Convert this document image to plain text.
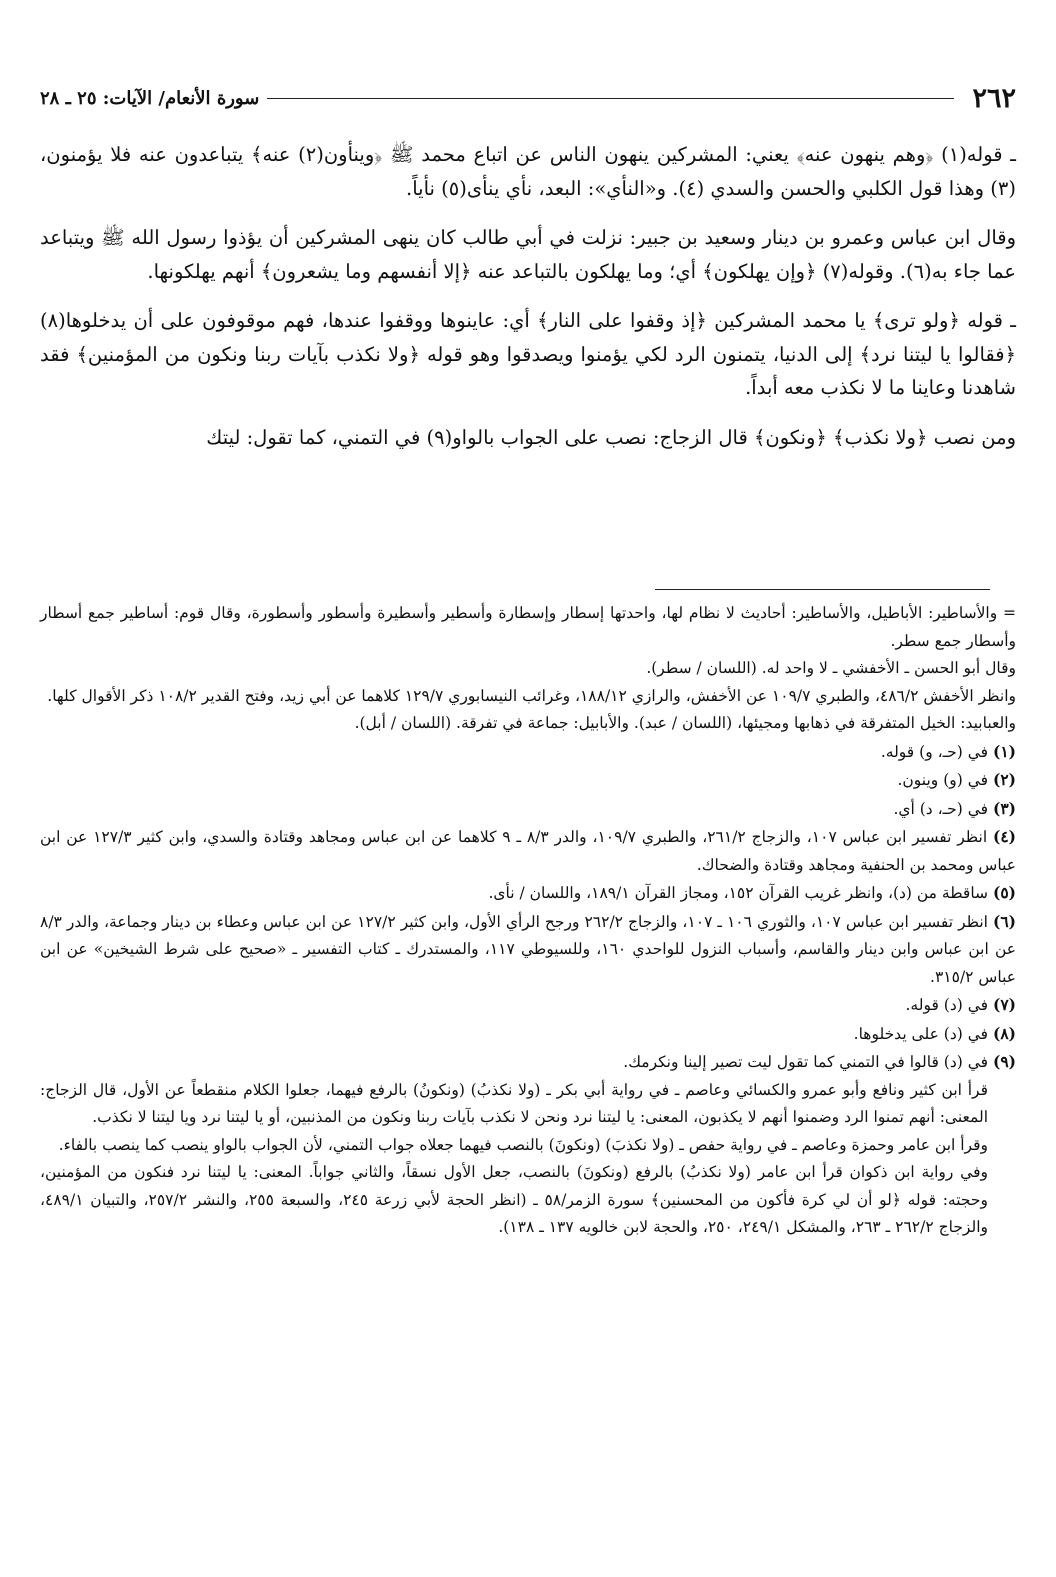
٢٦٢
سورة الأنعام/ الآيات: ٢٥ ـ ٢٨

ـ قوله(١) ﴿وهم ينهون عنه﴾ يعني: المشركين ينهون الناس عن اتباع محمد ﷺ ﴿وينأون(٢) عنه﴾ يتباعدون عنه فلا يؤمنون، (٣) وهذا قول الكلبي والحسن والسدي (٤). و«النأي»: البعد، نأي ينأى(٥) نأياً.

وقال ابن عباس وعمرو بن دينار وسعيد بن جبير: نزلت في أبي طالب كان ينهى المشركين أن يؤذوا رسول الله ﷺ ويتباعد عما جاء به(٦). وقوله(٧) ﴿وإن يهلكون﴾ أي؛ وما يهلكون بالتباعد عنه ﴿إلا أنفسهم وما يشعرون﴾ أنهم يهلكونها.

ـ قوله ﴿ولو ترى﴾ يا محمد المشركين ﴿إذ وقفوا على النار﴾ أي: عاينوها ووقفوا عندها، فهم موقوفون على أن يدخلوها(٨) ﴿فقالوا يا ليتنا نرد﴾ إلى الدنيا، يتمنون الرد لكي يؤمنوا ويصدقوا وهو قوله ﴿ولا نكذب بآيات ربنا ونكون من المؤمنين﴾ فقد شاهدنا وعاينا ما لا نكذب معه أبداً.

ومن نصب ﴿ولا نكذب﴾ ﴿ونكون﴾ قال الزجاج: نصب على الجواب بالواو(٩) في التمني، كما تقول: ليتك

= والأساطير: الأباطيل، والأساطير: أحاديث لا نظام لها، واحدتها إسطار وإسطارة وأسطير وأسطيرة وأسطور وأسطورة، وقال قوم: أساطير جمع أسطار وأسطار جمع سطر.

وقال أبو الحسن ـ الأخفشي ـ لا واحد له. (اللسان / سطر).

وانظر الأخفش ٤٨٦/٢، والطبري ١٠٩/٧ عن الأخفش، والرازي ١٨٨/١٢، وغرائب النيسابوري ١٢٩/٧ كلاهما عن أبي زيد، وفتح القدير ١٠٨/٢ ذكر الأقوال كلها.

والعبابيد: الخيل المتفرقة في ذهابها ومجيئها، (اللسان / عبد). والأبابيل: جماعة في تفرقة. (اللسان / أبل).

(١) في (حـ، و) قوله.

(٢) في (و) وينون.

(٣) في (حـ، د) أي.

(٤) انظر تفسير ابن عباس ١٠٧، والزجاج ٢٦١/٢، والطبري ١٠٩/٧، والدر ٨/٣ ـ ٩ كلاهما عن ابن عباس ومجاهد وقتادة والسدي، وابن كثير ١٢٧/٣ عن ابن عباس ومحمد بن الحنفية ومجاهد وقتادة والضحاك.

(٥) ساقطة من (د)، وانظر غريب القرآن ١٥٢، ومجاز القرآن ١٨٩/١، واللسان / نأى.

(٦) انظر تفسير ابن عباس ١٠٧، والثوري ١٠٦ ـ ١٠٧، والزجاج ٢٦٢/٢ ورجح الرأي الأول، وابن كثير ١٢٧/٢ عن ابن عباس وعطاء بن دينار وجماعة، والدر ٨/٣ عن ابن عباس وابن دينار والقاسم، وأسباب النزول للواحدي ١٦٠، وللسيوطي ١١٧، والمستدرك ـ كتاب التفسير ـ «صحيح على شرط الشيخين» عن ابن عباس ٣١٥/٢.

(٧) في (د) قوله.

(٨) في (د) على يدخلوها.

(٩) في (د) قالوا في التمني كما تقول ليت تصير إلينا ونكرمك.

قرأ ابن كثير ونافع وأبو عمرو والكسائي وعاصم ـ في رواية أبي بكر ـ (ولا نكذبُ) (ونكونُ) بالرفع فيهما، جعلوا الكلام منقطعاً عن الأول، قال الزجاج: المعنى: أنهم تمنوا الرد وضمنوا أنهم لا يكذبون، المعنى: يا ليتنا نرد ونحن لا نكذب بآيات ربنا ونكون من المذنبين، أو يا ليتنا نرد ويا ليتنا لا نكذب.

وقرأ ابن عامر وحمزة وعاصم ـ في رواية حفص ـ (ولا نكذبَ) (ونكونَ) بالنصب فيهما جعلاه جواب التمني، لأن الجواب بالواو ينصب كما ينصب بالفاء.

وفي رواية ابن ذكوان قرأ ابن عامر (ولا نكذبُ) بالرفع (ونكونَ) بالنصب، جعل الأول نسقاً، والثاني جواباً. المعنى: يا ليتنا نرد فنكون من المؤمنين، وحجته: قوله ﴿لو أن لي كرة فأكون من المحسنين﴾ سورة الزمر/٥٨ ـ (انظر الحجة لأبي زرعة ٢٤٥، والسبعة ٢٥٥، والنشر ٢٥٧/٢، والتبيان ٤٨٩/١، والزجاج ٢٦٢/٢ ـ ٢٦٣، والمشكل ٢٤٩/١، ٢٥٠، والحجة لابن خالويه ١٣٧ ـ ١٣٨).
